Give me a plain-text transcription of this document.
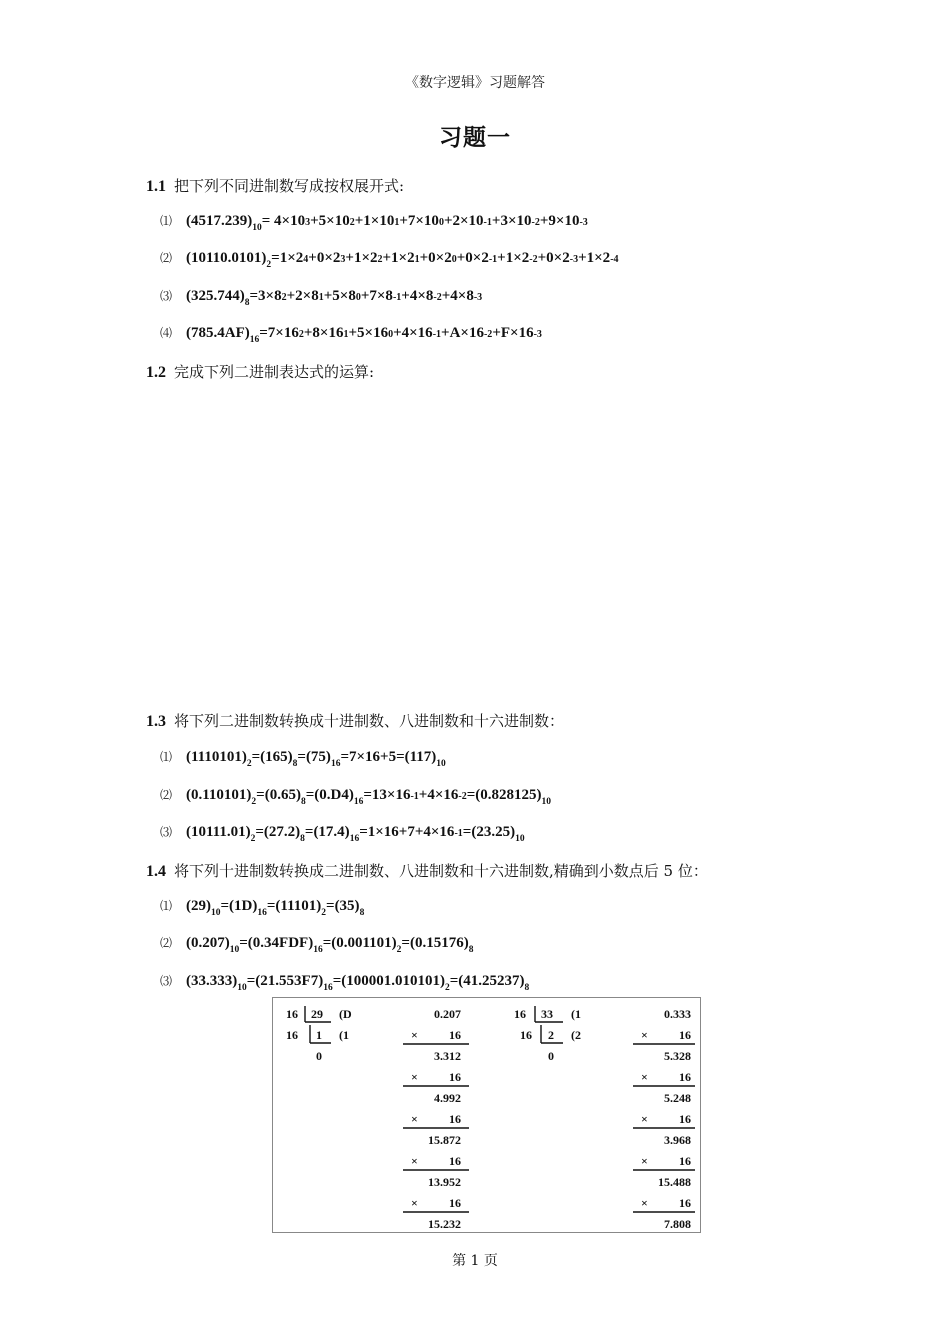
《数字逻辑》习题解答
习题一
1.1 把下列不同进制数写成按权展开式:
⑴ $(4517.239)_{10}= 4\times 103+5\times 102+1\times 101+7\times 100+2\times 10-1+3\times 10-2+9\times 10-3$
⑵ $(10110.0101)_2=1\times 24+0\times 23+1\times 22+1\times 21+0\times 20+0\times 2-1+1\times 2-2+0\times 2-3+1\times 2-4$
⑶ $(325.744)_8=3\times 82+2\times 81+5\times 80+7\times 8-1+4\times 8-2+4\times 8-3$
⑷ $(785.4AF)_{16}=7\times 162+8\times 161+5\times 160+4\times 16-1+A\times 16-2+F\times 16-3$
1.2 完成下列二进制表达式的运算:
1.3 将下列二进制数转换成十进制数、八进制数和十六进制数：
⑴ $(1110101)_2=(165)_8=(75)_{16}=7\times 16+5=(117)_{10}$
⑵ $(0.110101)_2=(0.65)_8=(0.D4)_{16}=13\times 16-1+4\times 16-2=(0.828125)_{10}$
⑶ $(10111.01)_2=(27.2)_8=(17.4)_{16}=1\times 16+7+4\times 16-1=(23.25)_{10}$
1.4 将下列十进制数转换成二进制数、八进制数和十六进制数,精确到小数点后 5 位：
⑴ $(29)_{10}=(1D)_{16}=(11101)_2=(35)_8$
⑵ $(0.207)_{10}=(0.34FDF)_{16}=(0.001101)_2=(0.15176)_8$
⑶ $(33.333)_{10}=(21.553F7)_{16}=(100001.010101)_2=(41.25237)_8$
16 29 (D
16 1 (1
0
16 33 (1
16 2 (2
0
0.207
×	16
3.312
×	16
4.992
×	16
15.872
×	16
13.952
×	16
15.232
0.333
×	16
5.328
×	16
5.248
×	16
3.968
×	16
15.488
×	16
7.808
第 1 页
